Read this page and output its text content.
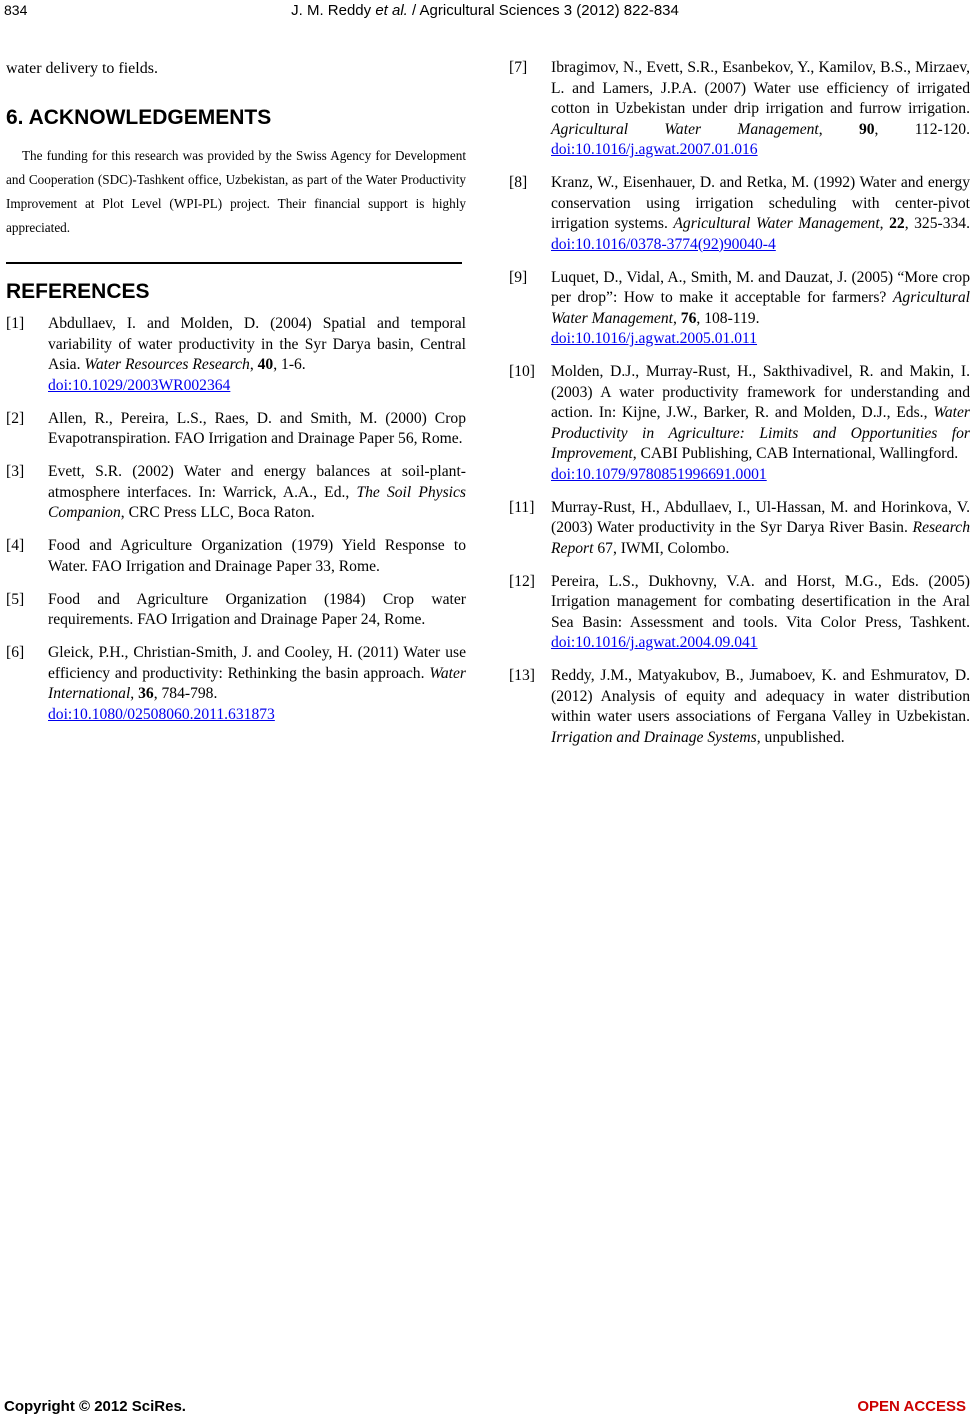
834	J. M. Reddy et al. / Agricultural Sciences 3 (2012) 822-834

water delivery to fields.

6. ACKNOWLEDGEMENTS

The funding for this research was provided by the Swiss Agency for Development and Cooperation (SDC)-Tashkent office, Uzbekistan, as part of the Water Productivity Improvement at Plot Level (WPI-PL) project. Their financial support is highly appreciated.

REFERENCES
[1]	Abdullaev, I. and Molden, D. (2004) Spatial and temporal variability of water productivity in the Syr Darya basin, Central Asia. Water Resources Research, 40, 1-6.
doi:10.1029/2003WR002364
[2]	Allen, R., Pereira, L.S., Raes, D. and Smith, M. (2000) Crop Evapotranspiration. FAO Irrigation and Drainage Paper 56, Rome.
[3]	Evett, S.R. (2002) Water and energy balances at soil-plant-atmosphere interfaces. In: Warrick, A.A., Ed., The Soil Physics Companion, CRC Press LLC, Boca Raton.
[4]	Food and Agriculture Organization (1979) Yield Response to Water. FAO Irrigation and Drainage Paper 33, Rome.
[5]	Food and Agriculture Organization (1984) Crop water requirements. FAO Irrigation and Drainage Paper 24, Rome.
[6]	Gleick, P.H., Christian-Smith, J. and Cooley, H. (2011) Water use efficiency and productivity: Rethinking the basin approach. Water International, 36, 784-798.
doi:10.1080/02508060.2011.631873
[7]	Ibragimov, N., Evett, S.R., Esanbekov, Y., Kamilov, B.S., Mirzaev, L. and Lamers, J.P.A. (2007) Water use efficiency of irrigated cotton in Uzbekistan under drip irrigation and furrow irrigation. Agricultural Water Management, 90, 112-120. doi:10.1016/j.agwat.2007.01.016
[8]	Kranz, W., Eisenhauer, D. and Retka, M. (1992) Water and energy conservation using irrigation scheduling with center-pivot irrigation systems. Agricultural Water Management, 22, 325-334. doi:10.1016/0378-3774(92)90040-4
[9]	Luquet, D., Vidal, A., Smith, M. and Dauzat, J. (2005) “More crop per drop”: How to make it acceptable for farmers? Agricultural Water Management, 76, 108-119.
doi:10.1016/j.agwat.2005.01.011
[10]	Molden, D.J., Murray-Rust, H., Sakthivadivel, R. and Makin, I. (2003) A water productivity framework for understanding and action. In: Kijne, J.W., Barker, R. and Molden, D.J., Eds., Water Productivity in Agriculture: Limits and Opportunities for Improvement, CABI Publishing, CAB International, Wallingford.
doi:10.1079/9780851996691.0001
[11]	Murray-Rust, H., Abdullaev, I., Ul-Hassan, M. and Horinkova, V. (2003) Water productivity in the Syr Darya River Basin. Research Report 67, IWMI, Colombo.
[12]	Pereira, L.S., Dukhovny, V.A. and Horst, M.G., Eds. (2005) Irrigation management for combating desertification in the Aral Sea Basin: Assessment and tools. Vita Color Press, Tashkent. doi:10.1016/j.agwat.2004.09.041
[13]	Reddy, J.M., Matyakubov, B., Jumaboev, K. and Eshmuratov, D. (2012) Analysis of equity and adequacy in water distribution within water users associations of Fergana Valley in Uzbekistan. Irrigation and Drainage Systems, unpublished.
Copyright © 2012 SciRes.	OPEN ACCESS
